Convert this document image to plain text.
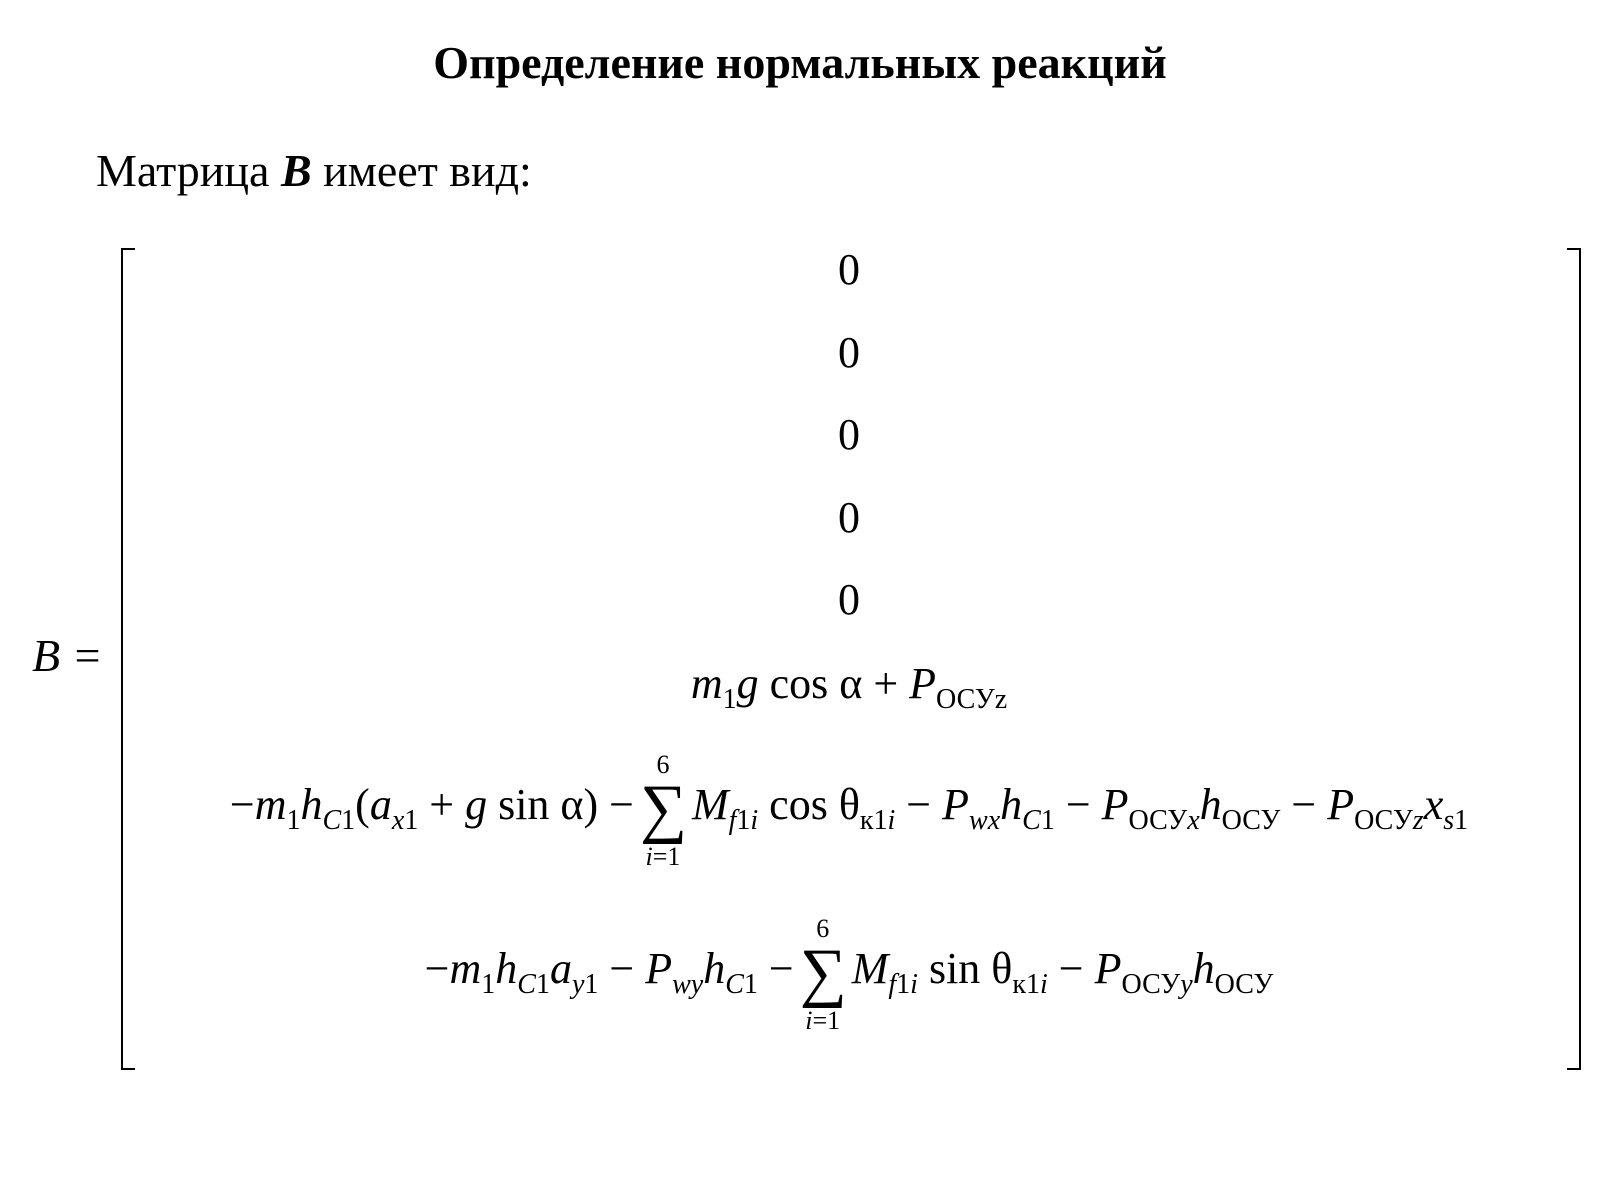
Определение нормальных реакций
Матрица B имеет вид:
B =
0
0
0
0
0
$m_1g$ $\cos \alpha + P_{ОСУz}$
$-m_1h_{C1}(a_{x1} + g$ sin α) −
6
∑
i=1
$M_{f1i}$ $\cos \theta_{к1i} - P_{wx}h_{C1} - P_{ОСУx}h_{ОСУ} - P_{ОСУz}x_{s1}$
$-m_1h_{C1}a_{y1} - P_{wy}h_{C1}$ −
6
∑
i=1
$M_{f1i}$ $\sin \theta_{к1i} - P_{ОСУy}h_{ОСУ}$
